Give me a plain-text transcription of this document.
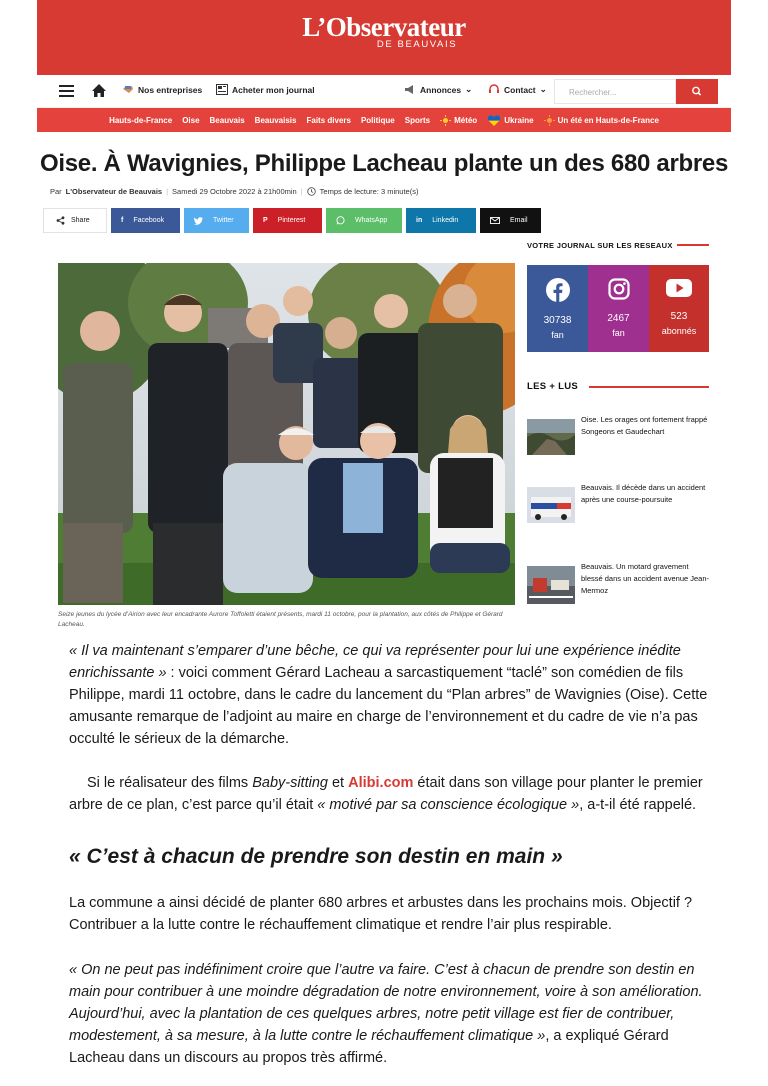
L’Observateur
DE BEAUVAIS
Nos entreprises	Acheter mon journal	Annonces ⌄	Contact ⌄	Rechercher...
Hauts-de-France	Oise	Beauvais	Beauvaisis	Faits divers	Politique	Sports	Météo	Ukraine	Un été en Hauts-de-France
Oise. À Wavignies, Philippe Lacheau plante un des 680 arbres
Par L'Observateur de Beauvais | Samedi 29 Octobre 2022 à 21h00min | Temps de lecture: 3 minute(s)
Share	f Facebook	Twitter	P Pinterest	WhatsApp	in Linkedin	Email
VOTRE JOURNAL SUR LES RESEAUX
30738
fan
2467
fan
523
abonnés
LES + LUS
Oise. Les orages ont fortement frappé Songeons et Gaudechart
Beauvais. Il décède dans un accident après une course-poursuite
Beauvais. Un motard gravement blessé dans un accident avenue Jean-Mermoz
Seize jeunes du lycée d’Airion avec leur encadrante Aurore Toffoletti étaient présents, mardi 11 octobre, pour la plantation, aux côtés de Philippe et Gérard Lacheau.

« Il va maintenant s’emparer d’une bêche, ce qui va représenter pour lui une expérience inédite enrichissante » : voici comment Gérard Lacheau a sarcastiquement “taclé” son comédien de fils Philippe, mardi 11 octobre, dans le cadre du lancement du “Plan arbres” de Wavignies (Oise). Cette amusante remarque de l’adjoint au maire en charge de l’environnement et du cadre de vie n’a pas occulté le sérieux de la démarche.

Si le réalisateur des films Baby-sitting et Alibi.com était dans son village pour planter le premier arbre de ce plan, c’est parce qu’il était « motivé par sa conscience écologique », a-t-il été rappelé.

« C’est à chacun de prendre son destin en main »

La commune a ainsi décidé de planter 680 arbres et arbustes dans les prochains mois. Objectif ? Contribuer a la lutte contre le réchauffement climatique et rendre l’air plus respirable.

« On ne peut pas indéfiniment croire que l’autre va faire. C’est à chacun de prendre son destin en main pour contribuer à une moindre dégradation de notre environnement, voire à son amélioration. Aujourd’hui, avec la plantation de ces quelques arbres, notre petit village est fier de contribuer, modestement, à sa mesure, à la lutte contre le réchauffement climatique », a expliqué Gérard Lacheau dans un discours au propos très affirmé.
